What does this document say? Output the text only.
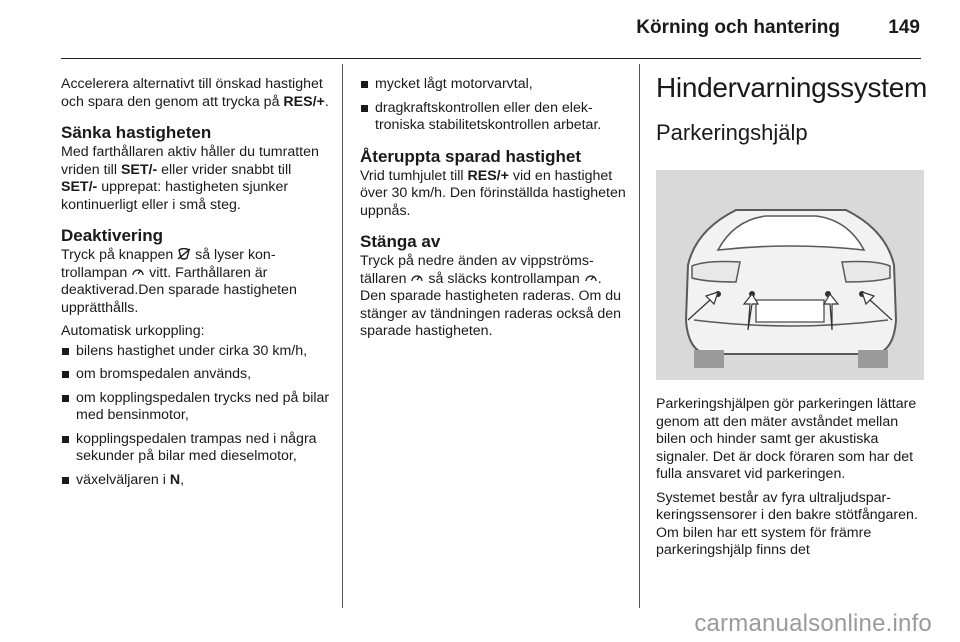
Körning och hantering	149

Accelerera alternativt till önskad hastighet och spara den genom att trycka på RES/+.

Sänka hastigheten

Med farthållaren aktiv håller du tumratten vriden till SET/- eller vrider snabbt till SET/- upprepat: hastigheten sjunker kontinuerligt eller i små steg.

Deaktivering

Tryck på knappen  så lyser kontrollampan  vitt. Farthållaren är deaktiverad.Den sparade hastigheten upprätthålls.

Automatisk urkoppling:

bilens hastighet under cirka 30 km/h,
om bromspedalen används,
om kopplingspedalen trycks ned på bilar med bensinmotor,
kopplingspedalen trampas ned i några sekunder på bilar med dieselmotor,
växelväljaren i N,
mycket lågt motorvarvtal,
dragkraftskontrollen eller den elektroniska stabilitetskontrollen arbetar.
Återuppta sparad hastighet

Vrid tumhjulet till RES/+ vid en hastighet över 30 km/h. Den förinställda hastigheten uppnås.

Stänga av

Tryck på nedre änden av vippströmställaren  så släcks kontrollampan . Den sparade hastigheten raderas. Om du stänger av tändningen raderas också den sparade hastigheten.

Hindervarningssystem
Parkeringshjälp

Parkeringshjälpen gör parkeringen lättare genom att den mäter avståndet mellan bilen och hinder samt ger akustiska signaler. Det är dock föraren som har det fulla ansvaret vid parkeringen.

Systemet består av fyra ultraljudsparkeringssensorer i den bakre stötfångaren. Om bilen har ett system för främre parkeringshjälp finns det

carmanualsonline.info
